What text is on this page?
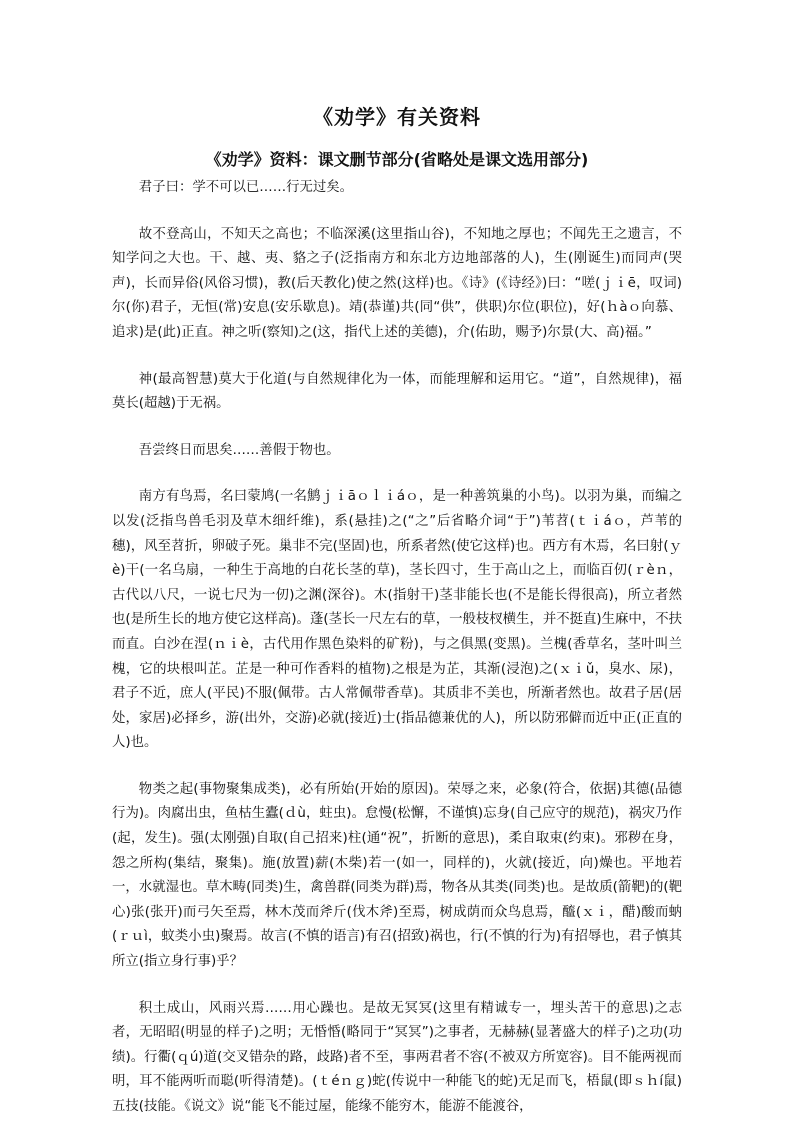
《劝学》有关资料
《劝学》资料：课文删节部分(省略处是课文选用部分)

君子曰：学不可以已……行无过矣。

故不登高山，不知天之高也；不临深溪(这里指山谷)，不知地之厚也；不闻先王之遗言，不知学问之大也。干、越、夷、貉之子(泛指南方和东北方边地部落的人)，生(刚诞生)而同声(哭声)，长而异俗(风俗习惯)，教(后天教化)使之然(这样)也。《诗》(《诗经》)曰：“嗟(ｊｉē，叹词)尔(你)君子，无恒(常)安息(安乐歇息)。靖(恭谨)共(同“供”，供职)尔位(职位)，好(ｈàｏ向慕、追求)是(此)正直。神之听(察知)之(这，指代上述的美德)，介(佑助，赐予)尔景(大、高)福。”

神(最高智慧)莫大于化道(与自然规律化为一体，而能理解和运用它。“道”，自然规律)，福莫长(超越)于无祸。

吾尝终日而思矣……善假于物也。

南方有鸟焉，名曰蒙鸠(一名鹪ｊｉāｏｌｉáｏ，是一种善筑巢的小鸟)。以羽为巢，而编之以发(泛指鸟兽毛羽及草木细纤维)，系(悬挂)之(“之”后省略介词“于”)苇苕(ｔｉáｏ，芦苇的穗)，风至苕折，卵破子死。巢非不完(坚固)也，所系者然(使它这样)也。西方有木焉，名曰射(ｙè)干(一名乌扇，一种生于高地的白花长茎的草)，茎长四寸，生于高山之上，而临百仞(ｒèｎ，古代以八尺，一说七尺为一仞)之渊(深谷)。木(指射干)茎非能长也(不是能长得很高)，所立者然也(是所生长的地方使它这样高)。蓬(茎长一尺左右的草，一般枝杈横生，并不挺直)生麻中，不扶而直。白沙在涅(ｎｉè，古代用作黑色染料的矿粉)，与之俱黑(变黑)。兰槐(香草名，茎叶叫兰槐，它的块根叫芷。芷是一种可作香料的植物)之根是为芷，其渐(浸泡)之(ｘｉǔ，臭水、尿)，君子不近，庶人(平民)不服(佩带。古人常佩带香草)。其质非不美也，所渐者然也。故君子居(居处，家居)必择乡，游(出外，交游)必就(接近)士(指品德兼优的人)，所以防邪僻而近中正(正直的人)也。

物类之起(事物聚集成类)，必有所始(开始的原因)。荣辱之来，必象(符合，依据)其德(品德行为)。肉腐出虫，鱼枯生蠹(ｄù，蛀虫)。怠慢(松懈，不谨慎)忘身(自己应守的规范)，祸灾乃作(起，发生)。强(太刚强)自取(自己招来)柱(通“祝”，折断的意思)，柔自取束(约束)。邪秽在身，怨之所构(集结，聚集)。施(放置)薪(木柴)若一(如一，同样的)，火就(接近，向)燥也。平地若一，水就湿也。草木畴(同类)生，禽兽群(同类为群)焉，物各从其类(同类)也。是故质(箭靶)的(靶心)张(张开)而弓矢至焉，林木茂而斧斤(伐木斧)至焉，树成荫而众鸟息焉，醯(ｘｉ，醋)酸而蚋(ｒｕì，蚊类小虫)聚焉。故言(不慎的语言)有召(招致)祸也，行(不慎的行为)有招辱也，君子慎其所立(指立身行事)乎？

积土成山，风雨兴焉……用心躁也。是故无冥冥(这里有精诚专一，埋头苦干的意思)之志者，无昭昭(明显的样子)之明；无惛惛(略同于“冥冥”)之事者，无赫赫(显著盛大的样子)之功(功绩)。行衢(ｑú)道(交叉错杂的路，歧路)者不至，事两君者不容(不被双方所宽容)。目不能两视而明，耳不能两听而聪(听得清楚)。(ｔéｎｇ)蛇(传说中一种能飞的蛇)无足而飞，梧鼠(即ｓｈí鼠)五技(技能。《说文》说“能飞不能过屋，能缘不能穷木，能游不能渡谷，
